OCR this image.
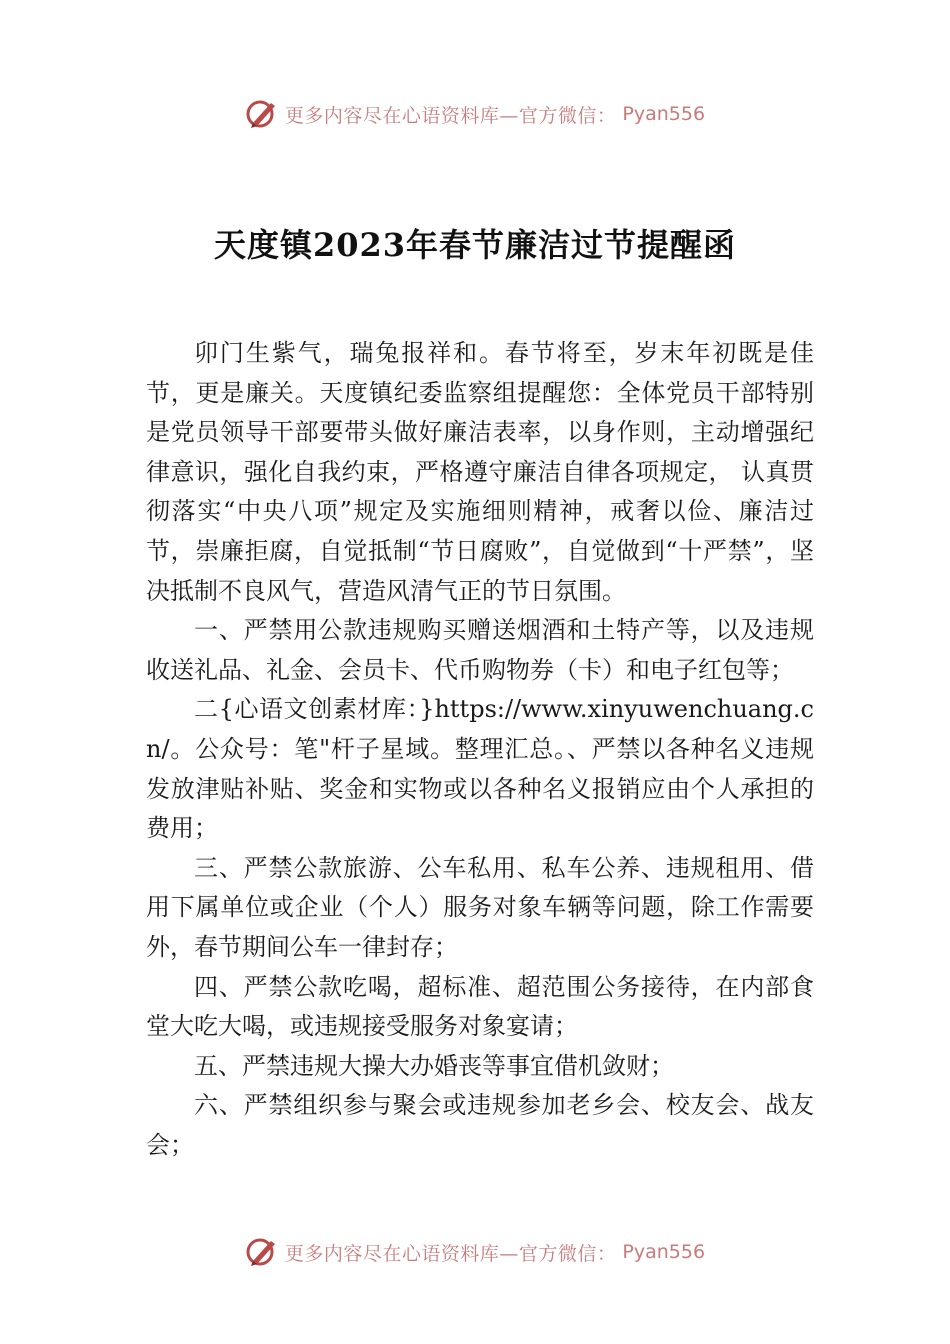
更多内容尽在心语资料库—官方微信： Pyan556
天度镇2023年春节廉洁过节提醒函

卯门生紫气，瑞兔报祥和。春节将至，岁末年初既是佳节，更是廉关。天度镇纪委监察组提醒您：全体党员干部特别是党员领导干部要带头做好廉洁表率，以身作则，主动增强纪律意识，强化自我约束，严格遵守廉洁自律各项规定， 认真贯彻落实“中央八项”规定及实施细则精神，戒奢以俭、廉洁过节，崇廉拒腐，自觉抵制“节日腐败”，自觉做到“十严禁”，坚决抵制不良风气，营造风清气正的节日氛围。

一、严禁用公款违规购买赠送烟酒和土特产等，以及违规收送礼品、礼金、会员卡、代币购物券（卡）和电子红包等；

二{心语文创素材库：}https://www.xinyuwenchuang.cn/。公众号：笔"杆子星域。整理汇总。、严禁以各种名义违规发放津贴补贴、奖金和实物或以各种名义报销应由个人承担的费用；

三、严禁公款旅游、公车私用、私车公养、违规租用、借用下属单位或企业（个人）服务对象车辆等问题，除工作需要外，春节期间公车一律封存；

四、严禁公款吃喝，超标准、超范围公务接待，在内部食堂大吃大喝，或违规接受服务对象宴请；

五、严禁违规大操大办婚丧等事宜借机敛财；

六、严禁组织参与聚会或违规参加老乡会、校友会、战友会；

更多内容尽在心语资料库—官方微信： Pyan556
